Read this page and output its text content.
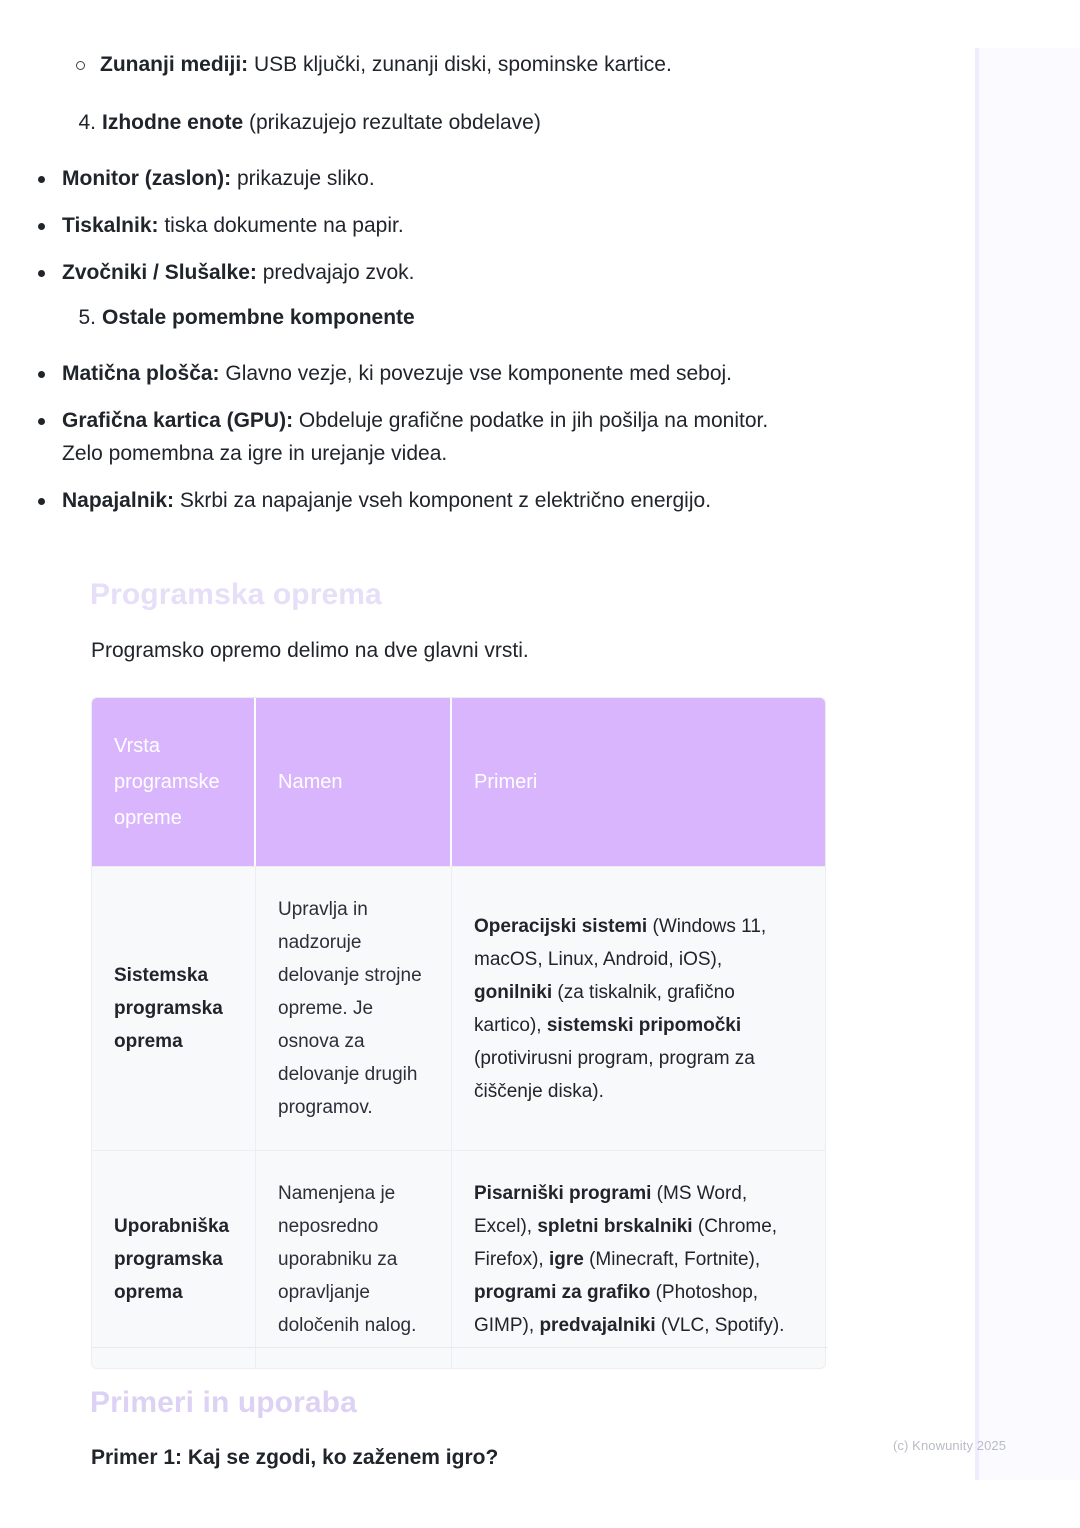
(c) Knowunity 2025
Zunanji mediji: USB ključki, zunanji diski, spominske kartice.
4. Izhodne enote (prikazujejo rezultate obdelave)
Monitor (zaslon): prikazuje sliko.
Tiskalnik: tiska dokumente na papir.
Zvočniki / Slušalke: predvajajo zvok.
5. Ostale pomembne komponente
Matična plošča: Glavno vezje, ki povezuje vse komponente med seboj.
Grafična kartica (GPU): Obdeluje grafične podatke in jih pošilja na monitor. Zelo pomembna za igre in urejanje videa.
Napajalnik: Skrbi za napajanje vseh komponent z električno energijo.
Programska oprema

Programsko opremo delimo na dve glavni vrsti.

Vrsta programske opreme	Namen	Primeri
Sistemska programska oprema	Upravlja in nadzoruje delovanje strojne opreme. Je osnova za delovanje drugih programov.	Operacijski sistemi (Windows 11, macOS, Linux, Android, iOS), gonilniki (za tiskalnik, grafično kartico), sistemski pripomočki (protivirusni program, program za čiščenje diska).
Uporabniška programska oprema	Namenjena je neposredno uporabniku za opravljanje določenih nalog.	Pisarniški programi (MS Word, Excel), spletni brskalniki (Chrome, Firefox), igre (Minecraft, Fortnite), programi za grafiko (Photoshop, GIMP), predvajalniki (VLC, Spotify).
Primeri in uporaba
Primer 1: Kaj se zgodi, ko zaženem igro?
